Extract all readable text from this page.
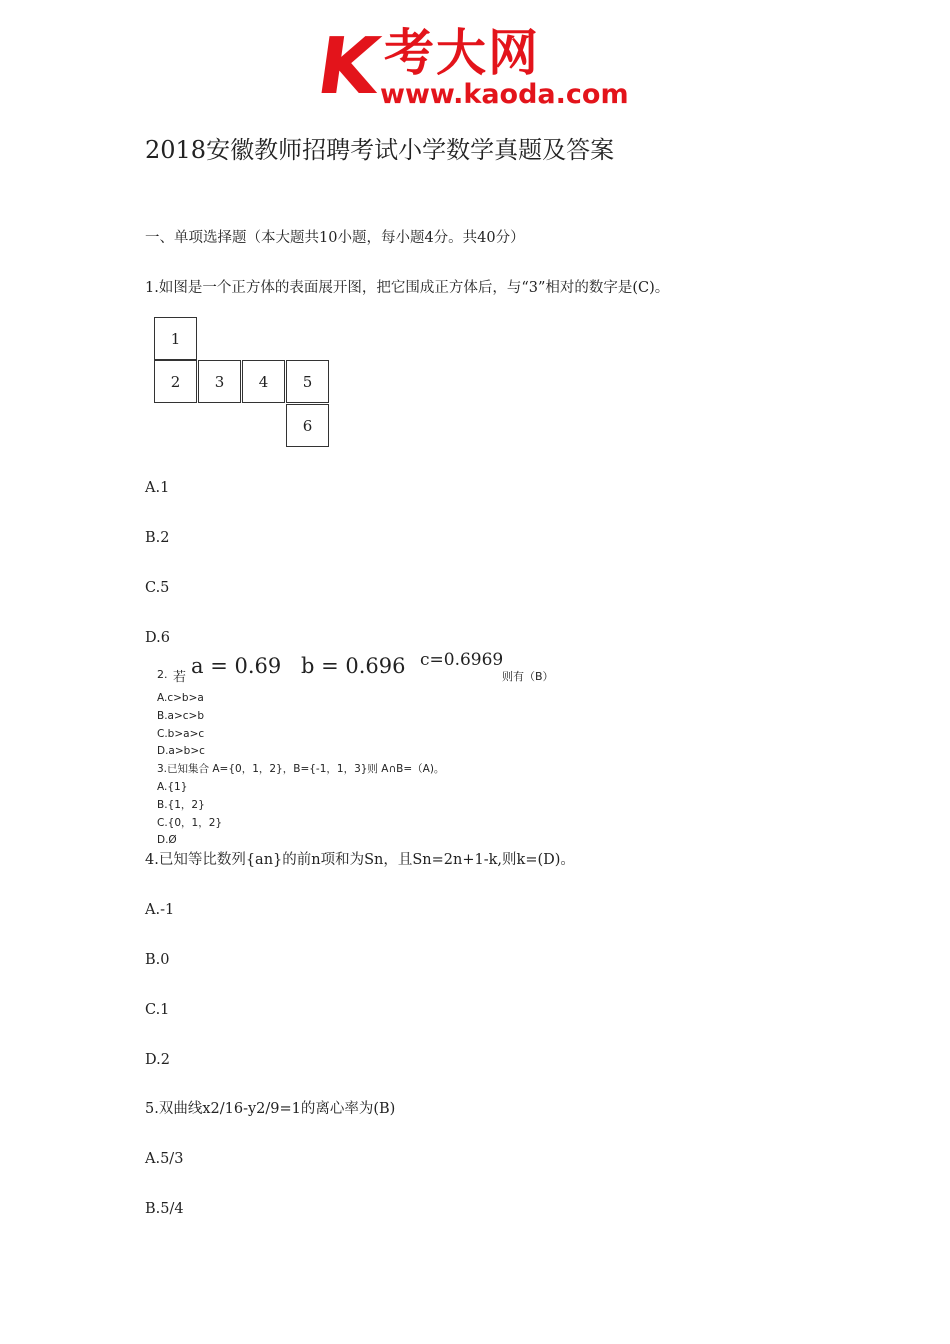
K 考大网
www.kaoda.com
2018安徽教师招聘考试小学数学真题及答案
一、单项选择题（本大题共10小题，每小题4分。共40分）
1.如图是一个正方体的表面展开图，把它围成正方体后，与“3”相对的数字是(C)。
1
2	3	4	5
6
A.1
B.2
C.5
D.6
2. 若 a = 0.69 b = 0.696 c=0.6969
则有（B）
A.c>b>a
B.a>c>b
C.b>a>c
D.a>b>c
3.已知集合 A={0，1，2}，B={-1，1，3}则 A∩B=（A)。
A.{1}
B.{1，2}
C.{0，1，2}
D.Ø
4.已知等比数列{an}的前n项和为Sn，且Sn=2n+1-k,则k=(D)。
A.-1
B.0
C.1
D.2
5.双曲线x2/16-y2/9=1的离心率为(B)
A.5/3
B.5/4
